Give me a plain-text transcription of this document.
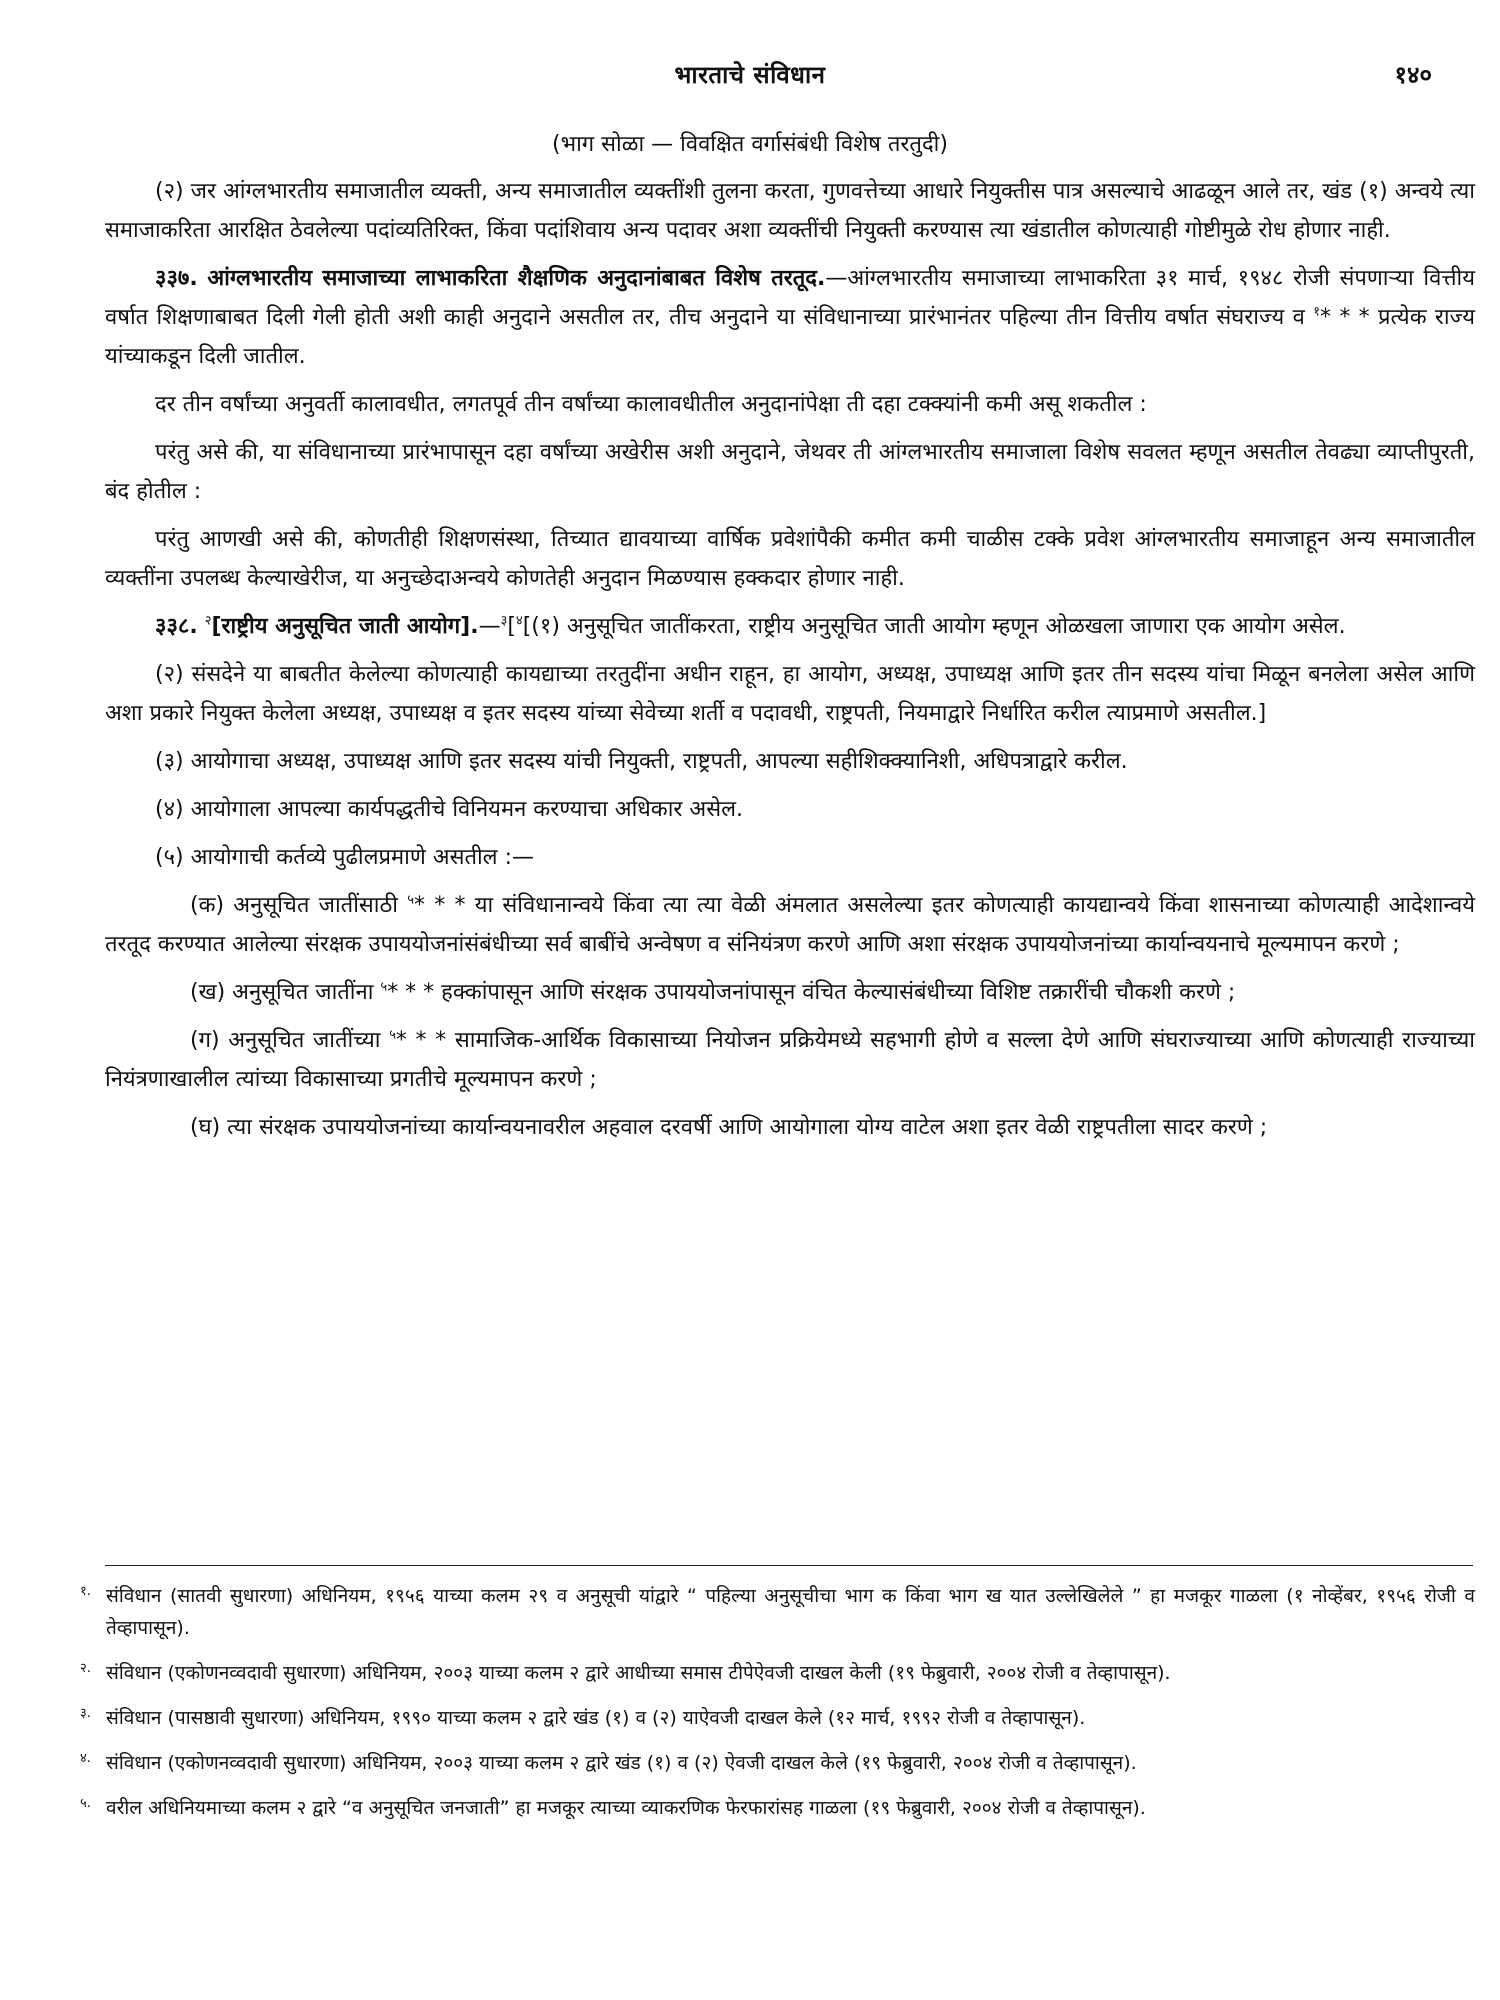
भारताचे संविधान	१४०
(भाग सोळा — विवक्षित वर्गासंबंधी विशेष तरतुदी)

(२) जर आंग्लभारतीय समाजातील व्यक्ती, अन्य समाजातील व्यक्तींशी तुलना करता, गुणवत्तेच्या आधारे नियुक्तीस पात्र असल्याचे आढळून आले तर, खंड (१) अन्वये त्या समाजाकरिता आरक्षित ठेवलेल्या पदांव्यतिरिक्त, किंवा पदांशिवाय अन्य पदावर अशा व्यक्तींची नियुक्ती करण्यास त्या खंडातील कोणत्याही गोष्टीमुळे रोध होणार नाही.

३३७. आंग्लभारतीय समाजाच्या लाभाकरिता शैक्षणिक अनुदानांबाबत विशेष तरतूद.—आंग्लभारतीय समाजाच्या लाभाकरिता ३१ मार्च, १९४८ रोजी संपणाऱ्या वित्तीय वर्षात शिक्षणाबाबत दिली गेली होती अशी काही अनुदाने असतील तर, तीच अनुदाने या संविधानाच्या प्रारंभानंतर पहिल्या तीन वित्तीय वर्षात संघराज्य व $^१$* * * प्रत्येक राज्य यांच्याकडून दिली जातील.

दर तीन वर्षांच्या अनुवर्ती कालावधीत, लगतपूर्व तीन वर्षांच्या कालावधीतील अनुदानांपेक्षा ती दहा टक्क्यांनी कमी असू शकतील :

परंतु असे की, या संविधानाच्या प्रारंभापासून दहा वर्षांच्या अखेरीस अशी अनुदाने, जेथवर ती आंग्लभारतीय समाजाला विशेष सवलत म्हणून असतील तेवढ्या व्याप्तीपुरती, बंद होतील :

परंतु आणखी असे की, कोणतीही शिक्षणसंस्था, तिच्यात द्यावयाच्या वार्षिक प्रवेशांपैकी कमीत कमी चाळीस टक्के प्रवेश आंग्लभारतीय समाजाहून अन्य समाजातील व्यक्तींना उपलब्ध केल्याखेरीज, या अनुच्छेदाअन्वये कोणतेही अनुदान मिळण्यास हक्कदार होणार नाही.

३३८. $^२$[राष्ट्रीय अनुसूचित जाती आयोग].—$^३$[$^४$[(१) अनुसूचित जातींकरता, राष्ट्रीय अनुसूचित जाती आयोग म्हणून ओळखला जाणारा एक आयोग असेल.

(२) संसदेने या बाबतीत केलेल्या कोणत्याही कायद्याच्या तरतुदींना अधीन राहून, हा आयोग, अध्यक्ष, उपाध्यक्ष आणि इतर तीन सदस्य यांचा मिळून बनलेला असेल आणि अशा प्रकारे नियुक्त केलेला अध्यक्ष, उपाध्यक्ष व इतर सदस्य यांच्या सेवेच्या शर्ती व पदावधी, राष्ट्रपती, नियमाद्वारे निर्धारित करील त्याप्रमाणे असतील.]

(३) आयोगाचा अध्यक्ष, उपाध्यक्ष आणि इतर सदस्य यांची नियुक्ती, राष्ट्रपती, आपल्या सहीशिक्क्यानिशी, अधिपत्राद्वारे करील.

(४) आयोगाला आपल्या कार्यपद्धतीचे विनियमन करण्याचा अधिकार असेल.

(५) आयोगाची कर्तव्ये पुढीलप्रमाणे असतील :—

(क) अनुसूचित जातींसाठी $^५$* * * या संविधानान्वये किंवा त्या त्या वेळी अंमलात असलेल्या इतर कोणत्याही कायद्यान्वये किंवा शासनाच्या कोणत्याही आदेशान्वये तरतूद करण्यात आलेल्या संरक्षक उपाययोजनांसंबंधीच्या सर्व बाबींचे अन्वेषण व संनियंत्रण करणे आणि अशा संरक्षक उपाययोजनांच्या कार्यान्वयनाचे मूल्यमापन करणे ;

(ख) अनुसूचित जातींना $^५$* * * हक्कांपासून आणि संरक्षक उपाययोजनांपासून वंचित केल्यासंबंधीच्या विशिष्ट तक्रारींची चौकशी करणे ;

(ग) अनुसूचित जातींच्या $^५$* * * सामाजिक-आर्थिक विकासाच्या नियोजन प्रक्रियेमध्ये सहभागी होणे व सल्ला देणे आणि संघराज्याच्या आणि कोणत्याही राज्याच्या नियंत्रणाखालील त्यांच्या विकासाच्या प्रगतीचे मूल्यमापन करणे ;

(घ) त्या संरक्षक उपाययोजनांच्या कार्यान्वयनावरील अहवाल दरवर्षी आणि आयोगाला योग्य वाटेल अशा इतर वेळी राष्ट्रपतीला सादर करणे ;

१. संविधान (सातवी सुधारणा) अधिनियम, १९५६ याच्या कलम २९ व अनुसूची यांद्वारे “ पहिल्या अनुसूचीचा भाग क किंवा भाग ख यात उल्लेखिलेले ” हा मजकूर गाळला (१ नोव्हेंबर, १९५६ रोजी व तेव्हापासून).
२. संविधान (एकोणनव्वदावी सुधारणा) अधिनियम, २००३ याच्या कलम २ द्वारे आधीच्या समास टीपेऐवजी दाखल केली (१९ फेब्रुवारी, २००४ रोजी व तेव्हापासून).
३. संविधान (पासष्ठावी सुधारणा) अधिनियम, १९९० याच्या कलम २ द्वारे खंड (१) व (२) याऐवजी दाखल केले (१२ मार्च, १९९२ रोजी व तेव्हापासून).
४. संविधान (एकोणनव्वदावी सुधारणा) अधिनियम, २००३ याच्या कलम २ द्वारे खंड (१) व (२) ऐवजी दाखल केले (१९ फेब्रुवारी, २००४ रोजी व तेव्हापासून).
५. वरील अधिनियमाच्या कलम २ द्वारे “व अनुसूचित जनजाती” हा मजकूर त्याच्या व्याकरणिक फेरफारांसह गाळला (१९ फेब्रुवारी, २००४ रोजी व तेव्हापासून).
